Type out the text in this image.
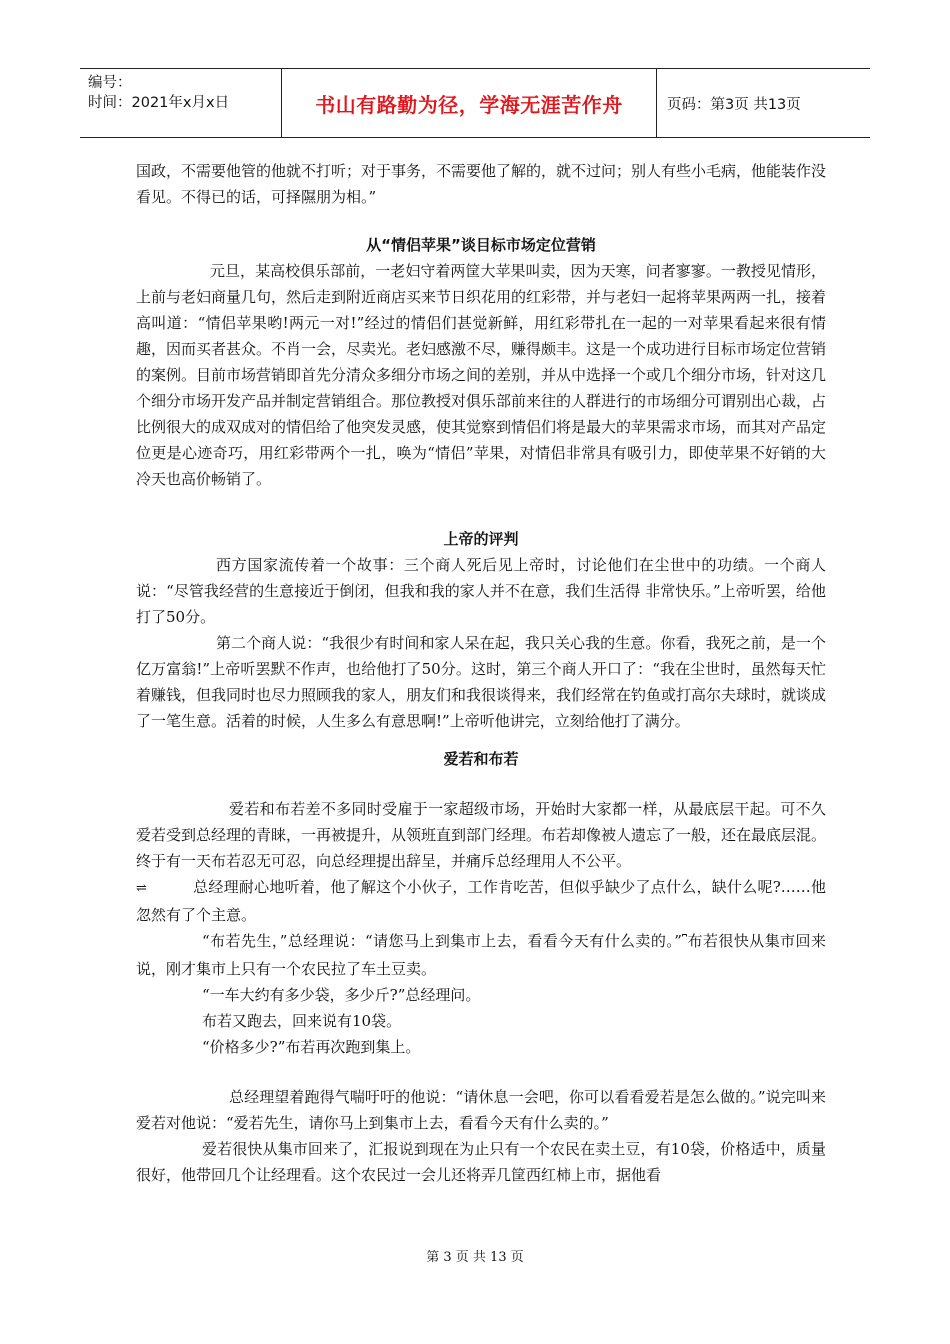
编号：
时间：2021年x月x日	书山有路勤为径，学海无涯苦作舟	页码：第3页 共13页

国政，不需要他管的他就不打听；对于事务，不需要他了解的，就不过问；别人有些小毛病，他能装作没看见。不得已的话，可择隰朋为相。”

从“情侣苹果”谈目标市场定位营销

元旦，某高校俱乐部前，一老妇守着两筐大苹果叫卖，因为天寒，问者寥寥。一教授见情形，上前与老妇商量几句，然后走到附近商店买来节日织花用的红彩带，并与老妇一起将苹果两两一扎，接着高叫道：“情侣苹果哟!两元一对!”经过的情侣们甚觉新鲜，用红彩带扎在一起的一对苹果看起来很有情趣，因而买者甚众。不肖一会，尽卖光。老妇感激不尽，赚得颇丰。这是一个成功进行目标市场定位营销的案例。目前市场营销即首先分清众多细分市场之间的差别，并从中选择一个或几个细分市场，针对这几个细分市场开发产品并制定营销组合。那位教授对俱乐部前来往的人群进行的市场细分可谓别出心裁，占比例很大的成双成对的情侣给了他突发灵感，使其觉察到情侣们将是最大的苹果需求市场，而其对产品定位更是心迹奇巧，用红彩带两个一扎，唤为“情侣”苹果，对情侣非常具有吸引力，即使苹果不好销的大冷天也高价畅销了。

上帝的评判

西方国家流传着一个故事：三个商人死后见上帝时，讨论他们在尘世中的功绩。一个商人说：“尽管我经营的生意接近于倒闭，但我和我的家人并不在意，我们生活得 非常快乐。”上帝听罢，给他打了50分。

第二个商人说：“我很少有时间和家人呆在起，我只关心我的生意。你看，我死之前，是一个亿万富翁!”上帝听罢默不作声，也给他打了50分。这时，第三个商人开口了：“我在尘世时，虽然每天忙着赚钱，但我同时也尽力照顾我的家人，朋友们和我很谈得来，我们经常在钓鱼或打高尔夫球时，就谈成了一笔生意。活着的时候，人生多么有意思啊!”上帝听他讲完，立刻给他打了满分。

爱若和布若

爱若和布若差不多同时受雇于一家超级市场，开始时大家都一样，从最底层干起。可不久爱若受到总经理的青睐，一再被提升，从领班直到部门经理。布若却像被人遗忘了一般，还在最底层混。终于有一天布若忍无可忍，向总经理提出辞呈，并痛斥总经理用人不公平。

⇌	总经理耐心地听着，他了解这个小伙子，工作肯吃苦，但似乎缺少了点什么，缺什么呢?……他忽然有了个主意。

“布若先生，”总经理说：“请您马上到集市上去，看看今天有什么卖的。”⎴布若很快从集市回来说，刚才集市上只有一个农民拉了车土豆卖。

“一车大约有多少袋，多少斤?”总经理问。

布若又跑去，回来说有10袋。

“价格多少?”布若再次跑到集上。

总经理望着跑得气喘吁吁的他说：“请休息一会吧，你可以看看爱若是怎么做的。”说完叫来爱若对他说：“爱若先生，请你马上到集市上去，看看今天有什么卖的。”

爱若很快从集市回来了，汇报说到现在为止只有一个农民在卖土豆，有10袋，价格适中，质量很好，他带回几个让经理看。这个农民过一会儿还将弄几筐西红柿上市，据他看

第 3 页 共 13 页
